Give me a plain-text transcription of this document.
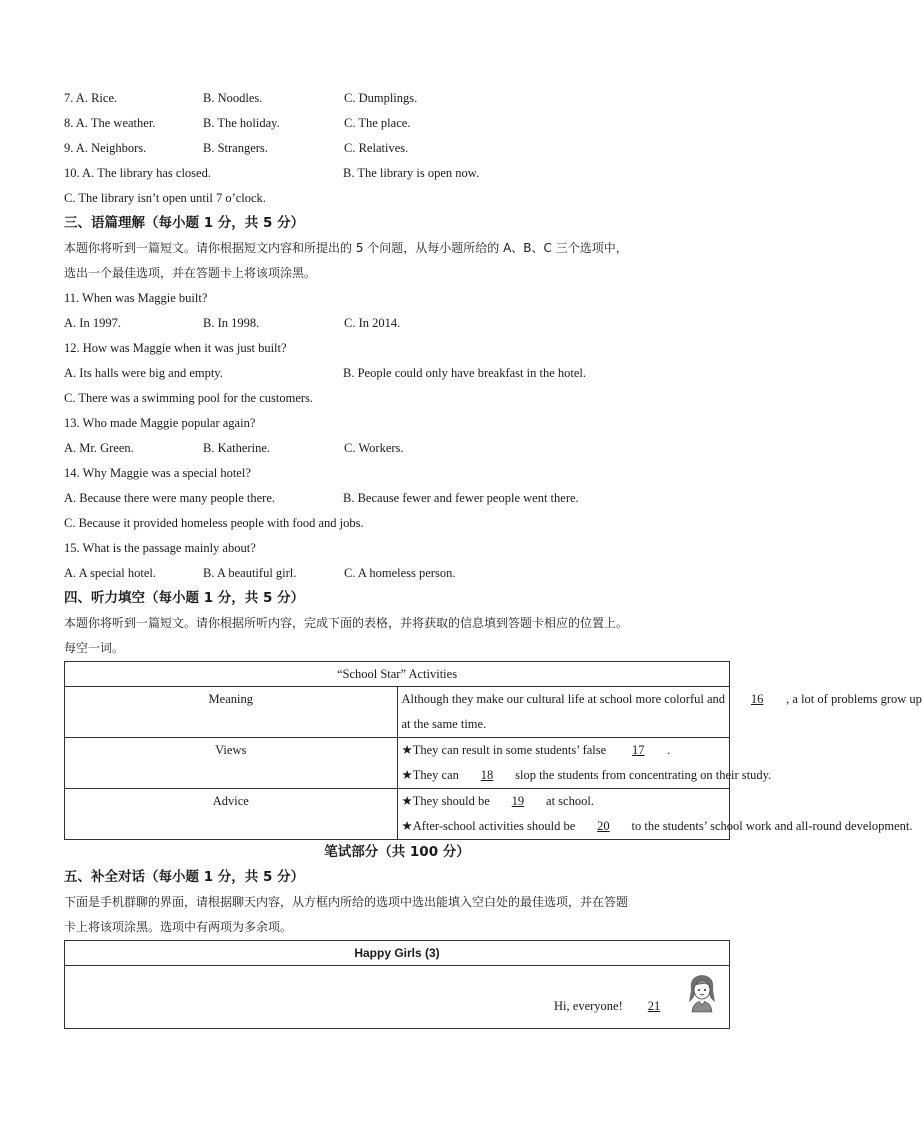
7. A. Rice.	B. Noodles.	C. Dumplings.
8. A. The weather.	B. The holiday.	C. The place.
9. A. Neighbors.	B. Strangers.	C. Relatives.
10. A. The library has closed.	B. The library is open now.
C. The library isn’t open until 7 o’clock.
三、语篇理解（每小题 1 分，共 5 分）
本题你将听到一篇短文。请你根据短文内容和所提出的 5 个问题，从每小题所给的 A、B、C 三个选项中，
选出一个最佳选项，并在答题卡上将该项涂黑。
11. When was Maggie built?
A. In 1997.	B. In 1998.	C. In 2014.
12. How was Maggie when it was just built?
A. Its halls were big and empty.	B. People could only have breakfast in the hotel.
C. There was a swimming pool for the customers.
13. Who made Maggie popular again?
A. Mr. Green.	B. Katherine.	C. Workers.
14. Why Maggie was a special hotel?
A. Because there were many people there.	B. Because fewer and fewer people went there.
C. Because it provided homeless people with food and jobs.
15. What is the passage mainly about?
A. A special hotel.	B. A beautiful girl.	C. A homeless person.
四、听力填空（每小题 1 分，共 5 分）
本题你将听到一篇短文。请你根据所听内容，完成下面的表格，并将获取的信息填到答题卡相应的位置上。
每空一词。
“School Star” Activities	
Meaning	Although they make our cultural life at school more colorful and 16 , a lot of problems grow up
at the same time.

Views	★They can result in some students’ false 17 .
★They can 18 slop the students from concentrating on their study.

Advice	★They should be 19 at school.
★After-school activities should be 20 to the students’ school work and all-round development.
笔试部分（共 100 分）
五、补全对话（每小题 1 分，共 5 分）
下面是手机群聊的界面，请根据聊天内容，从方框内所给的选项中选出能填入空白处的最佳选项，并在答题
卡上将该项涂黑。选项中有两项为多余项。
Happy Girls (3)
Hi, everyone! 21
